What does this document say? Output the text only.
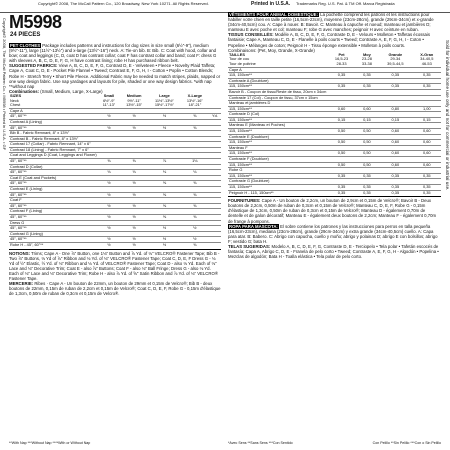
Copyright© 2008, The McCall Pattern Co., 120 Broadway, New York 10271. All Rights Reserved.	Printed in U.S.A. Trademarks Reg. U.S. Pat. & TM Off. Marca Registrada
M5998
24 PIECES
Copyright© 2008, The McCall Pattern Co. • M5998 • Printed in U.S.A. • GF	Sold for individual home use only and not for commercial or industrial use.

PET CLOTHES Package includes patterns and instructions for dog sizes in size small (6½"-9"), medium (9½"-11"), large (11½"-13½") and x-large (13½"-16") neck. A: Tie-on bib. B: Bib. C: Coat with hood, collar and bow; coat and leggings (C, D, coat D has contrast collar; coat F has contrast collar and band; coat F: dress G with sleeves A, B, C, D, E, F, G, H have contrast lining; robe H has purchased ribbon belt.

SUGGESTED FABRICS: View A, B, C, D, E, F, G, Contrast D, E - Velveteen • Fleece • Novelty Plaid Taffeta; Cape A, Coat C, D, E - Pocket Pile Flannel • Tweed; Contrast E, F, G, H, I - Cotton • Poplin • Cotton Blends; Robe H - Stretch Terry • Short Pile Fleece. Additional Fabric may be needed to match stripes, plaids, napped or one way design fabric. Use nap yardages and layouts for pile, shaded or one way design fabrics. *with nap **without nap

Combinations: (Small, Medium, Large, X-Large)
SIZES	Small	Medium	Large	X-Large	
Neck	6½"-9"	9½"-11"	11½"-13½"	13½"-16"	
Chest	11"-13"	13½"-15"	15½"-17½"	18"-21"	
Cape A					
45", 60"**	½	½	½	⅝	Yd.
Contrast A (Lining)					
45", 60"**	½	½	½	⅝	
Bib B - Fabric Remnant, 8" x 13½"					
Contrast B - Fabric Remnant, 8" x 13½"					
Contrast 17 (Collar) - Fabric Remnant, 14" x 6"					
Contrast 18 (Lining) - Fabric Remnant, 7" x 6"					
Coat and Leggings D (Coat, Leggings and Flower)					
45", 60"**	⅝	⅝	⅞	1⅛	
Contrast D (Collar)					
45", 60"**	⅛	⅛	⅛	⅛	
Coat E (Coat and Pockets)					
45", 60"**	½	½	⅝	⅝	
Contrast E (Lining)					
45", 60"**	½	½	⅝	⅝	
Coat F					
45", 60"**	½	½	⅝	⅝	
Contrast F (Lining)					
45", 60"**	½	½	⅝	⅝	
Dress G					
45", 60"**	½	½	½	½	
Contrast G (Lining)					
45", 60"**	½	½	½	½	
Robe H - 45", 60"**	½	½	½	⅝	

NOTIONS: Trims; Cape A - One ⅞" Button, one 1⅛" Button and ⅞ Yd. of ⅛" VELCRO® Fastener Tape; Bib B - Two ⅞" Buttons, ⅛ Yd of ⅞" Ribbon and ⅛ Yd. of ⅛" VELCRO® Fastener Tape; Coat C, D, E, F Dress G - ⅛ Yd of ½" Elastic, ½ Yd. of ⅛" Ribbon and ⅛ Yd. of VELCRO® Fastener Tape; Coat D - also ⅛ Yd. Each of ⅛" Lace and ⅛" Decorative Trim; Coat E - also ⅞" Buttons; Coat F - also ⅛" Ball Fringe; Dress G - also ⅛ Yd. Each of ⅛" Lace and ⅛" Decorative Trim; Robe H - also ⅞ Yd. of ⅝" Satin Ribbon and ⅞ Yd. of ⅛" VELCRO® Fastener Tape.

MERCERIE: Ribes · Cape A - Un bouton de 22mm, un bouton de 29mm et 0,15m de Velcro®; Bib B - deux boutons de 22mm, 0,15m de ruban de 2,2cm et 0,15m de Velcro®; Coat C, D, E, F, Robe G - 0,15m d'élastique de 1,3cm, 0,50m de ruban de 0,3cm et 0,15m de Velcro®.

**With Nap ***Without Nap ****With or Without Nap

VÊTEMENTS POUR ANIMAL DOMESTIQUE: La pochette comprend les patrons et les instructions pour habiller votre chien en taille petite (16,5cm-23cm), moyenne (23cm-28cm), grande (29cm-34cm) et x-grande (34cm-40,5cm) cou. A: Cape à nouer. B: Bavoir. C: Manteau à capuche et noeud; manteau et jambières D; manteau E avec poche et col; manteau F; robe G avec manches; peignoir H avec ceinture en ruban.

TISSUS CONSEILLÉS: Modèle A, B, C, D, E, F, G, Contraste D, E - Velours • Molleton • Taffetas écossais fantaisie; Cape A, Manteau C, D, E - Flanelle à poils courts • Tweed; Contraste A, E, F, G, H, I - Coton • Popeline • Mélanges de coton; Peignoir H - Tissu éponge extensible • Molleton à poils courts.

Combinaisons: (Pet, Moy, Grande, X-Grande)
TAILLES	Pet	Moy	Grande	X-Gran
Tour de cou	16,5-23	23-28	29-34	34-40,5
Tour de poitrine	28-33	33-38	39,5-44,5	46-53
Cape A				
115, 150cm**	0,35	0,35	0,35	0,35
Contraste A (Doublure)				
115, 150cm**	0,35	0,35	0,35	0,35
Bavoir B - Coupon de tissu/Reste de tissu, 20cm x 34cm				
Contraste 17 (Col) - Coupon de tissu, 37cm x 15cm				
Manteau et jambières D				
115, 150cm**	0,60	0,60	0,80	1,00
Contraste D (Col)				
115, 150cm**	0,15	0,15	0,15	0,15
Manteau E (Manteau et Poches)				
115, 150cm**	0,50	0,50	0,60	0,60
Contraste E (Doublure)				
115, 150cm**	0,50	0,50	0,60	0,60
Manteau F				
115, 150cm**	0,50	0,50	0,60	0,60
Contraste F (Doublure)				
115, 150cm**	0,50	0,50	0,60	0,60
Robe G				
115, 150cm**	0,35	0,35	0,35	0,35
Contraste G (Doublure)				
115, 150cm**	0,35	0,35	0,35	0,35
Peignoir H - 115, 150cm**	0,35	0,35	0,35	0,35

FOURNITURES: Cape A - Un bouton de 2,2cm, un bouton de 2,9cm et 0,15m de Velcro®; Bavoir B - Deux boutons de 2,2cm, 0,50m de ruban de 0,3cm et 0,15m de Velcro®; Manteau C, D, E, F, Robe G - 0,15m d'élastique de 1,3cm, 0,50m de ruban de 0,3cm et 0,15m de Velcro®; Manteau D - également 0,70m de dentelle et de galon décoratif; Manteau E - également deux boutons de 2,2cm; Manteau F - également 0,70m de frange à pompons.

ROPA PARA MASCOTA: El sobre contiene los patrones y las instrucciones para perros en talla pequeña (16,5cm-23cm), mediana (23cm-28cm), grande (29cm-34cm) y extra grande (34cm-40,5cm) cuello. A: Capa para atar. B: Babero. C: Abrigo con capucha, cuello y moño; abrigo y polainas D; abrigo E con bolsillos; abrigo F; vestido G; bata H.

TELAS SUGERIDAS: Modelo A, B, C, D, E, F, G, Contraste D, E - Terciopelo • Tela polar • Tafetán escocés de fantasía; Capa A, Abrigo C, D, E - Franela de pelo corto • Tweed; Contraste A, E, F, G, H - Algodón • Popelina • Mezclas de algodón; Bata H - Toalla elástica • Tela polar de pelo corto.

*Avec Sens **Sans Sens ***Con Sentido	Con Pelillo **Sin Pelillo ***Con o Sin Pelillo
